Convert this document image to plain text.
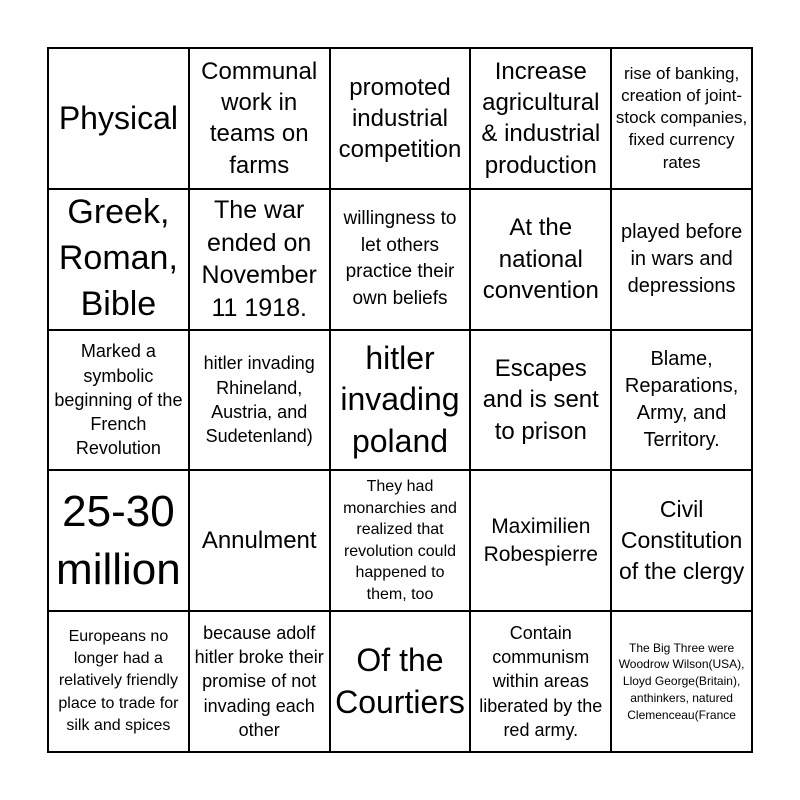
Physical
Communal work in teams on farms
promoted industrial competition
Increase agricultural & industrial production
rise of banking, creation of joint-stock companies, fixed currency rates
Greek, Roman, Bible
The war ended on November 11 1918.
willingness to let others practice their own beliefs
At the national convention
played before in wars and depressions
Marked a symbolic beginning of the French Revolution
hitler invading Rhineland, Austria, and Sudetenland)
hitler invading poland
Escapes and is sent to prison
Blame, Reparations, Army, and Territory.
25-30 million
Annulment
They had monarchies and realized that revolution could happened to them, too
Maximilien Robespierre
Civil Constitution of the clergy
Europeans no longer had a relatively friendly place to trade for silk and spices
because adolf hitler broke their promise of not invading each other
Of the Courtiers
Contain communism within areas liberated by the red army.
The Big Three were Woodrow Wilson(USA), Lloyd George(Britain), anthinkers, natured Clemenceau(France
